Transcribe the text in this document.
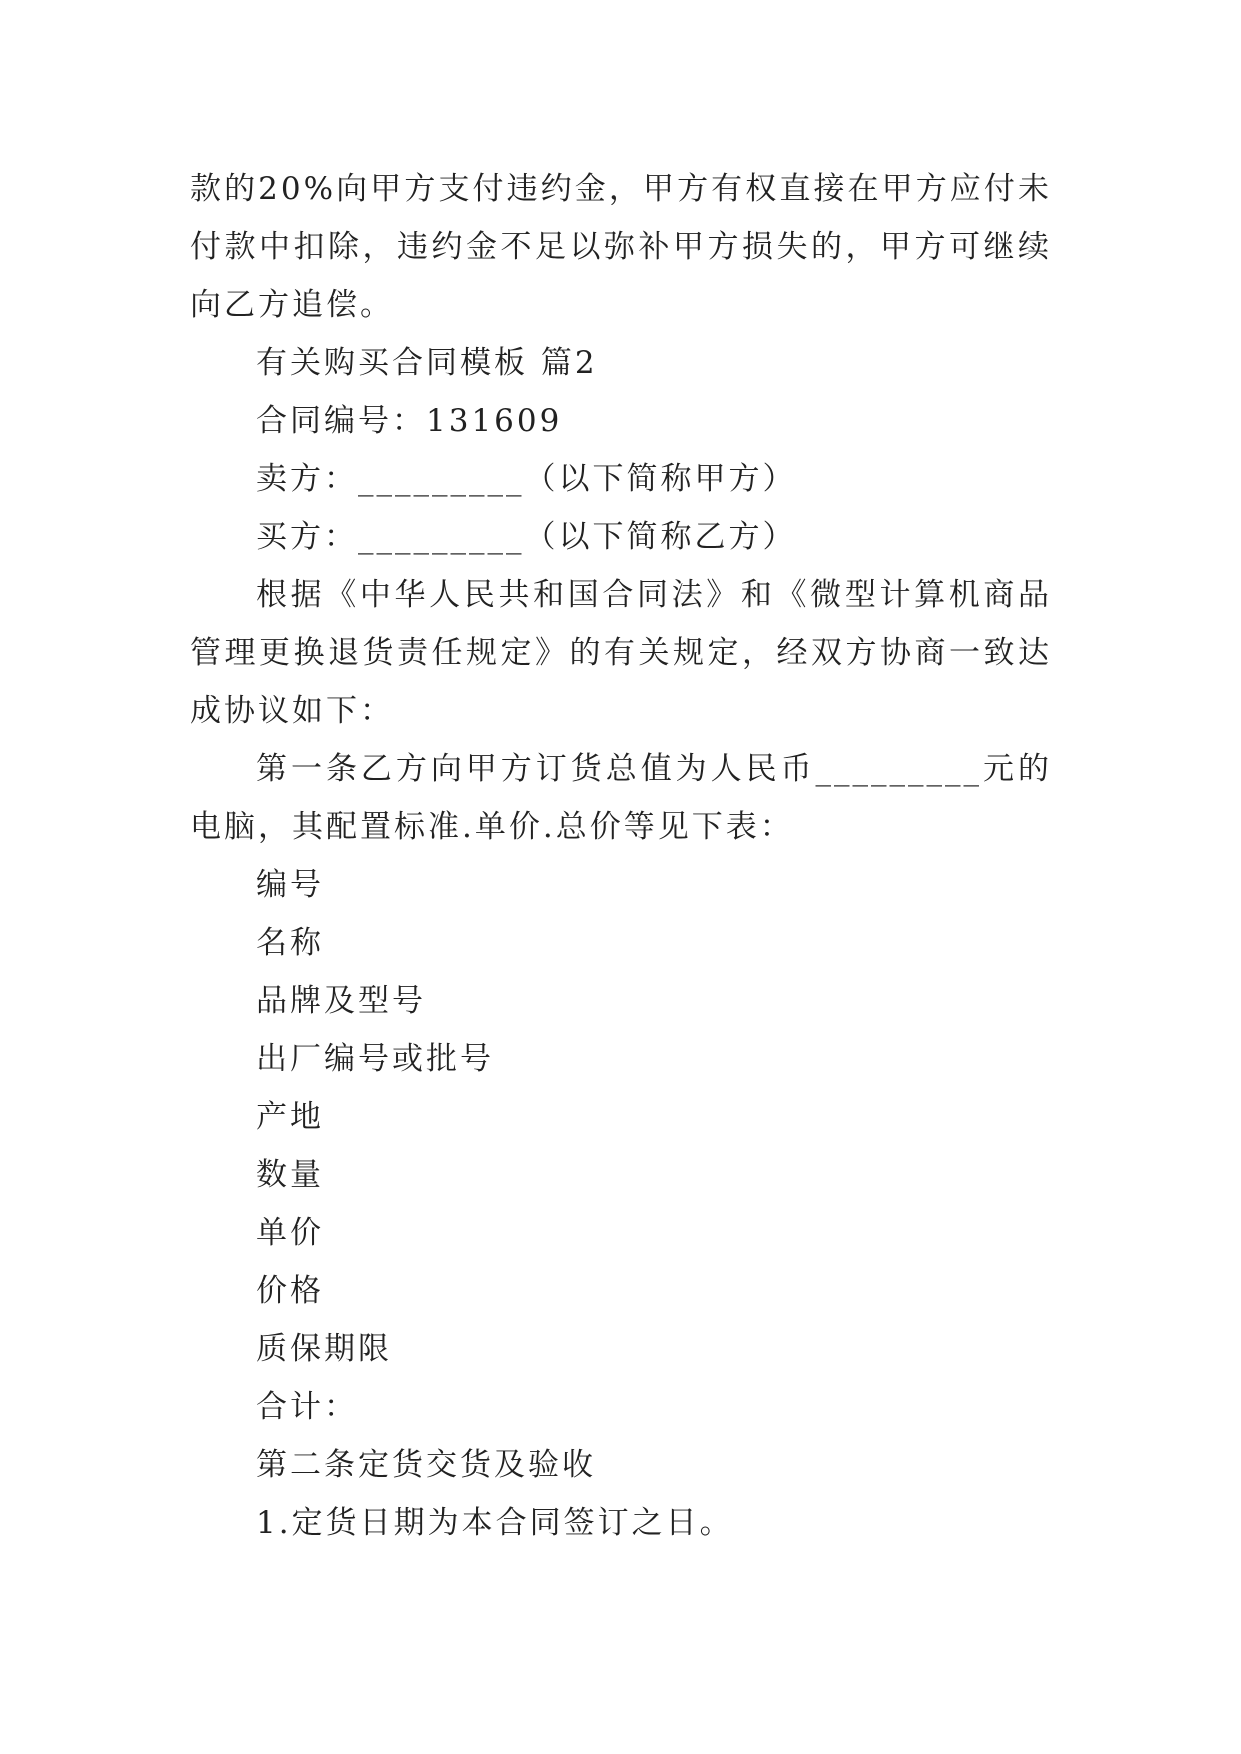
款的20%向甲方支付违约金，甲方有权直接在甲方应付未付款中扣除，违约金不足以弥补甲方损失的，甲方可继续向乙方追偿。

有关购买合同模板 篇2

合同编号：131609

卖方：_________（以下简称甲方）

买方：_________（以下简称乙方）

根据《中华人民共和国合同法》和《微型计算机商品管理更换退货责任规定》的有关规定，经双方协商一致达成协议如下：

第一条乙方向甲方订货总值为人民币_________元的电脑，其配置标准.单价.总价等见下表：

编号

名称

品牌及型号

出厂编号或批号

产地

数量

单价

价格

质保期限

合计：

第二条定货交货及验收

1.定货日期为本合同签订之日。
